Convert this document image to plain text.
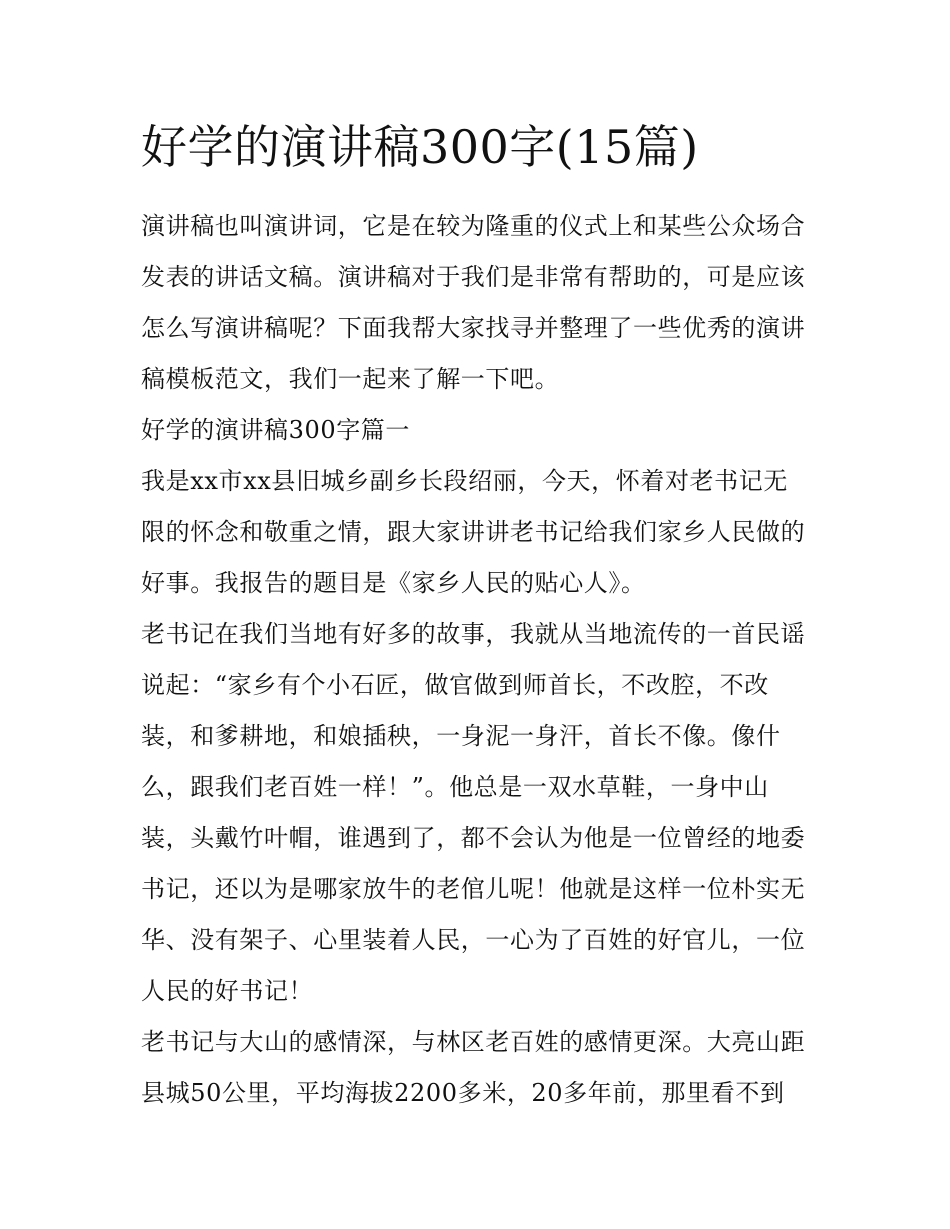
好学的演讲稿300字(15篇)
演讲稿也叫演讲词，它是在较为隆重的仪式上和某些公众场合
发表的讲话文稿。演讲稿对于我们是非常有帮助的，可是应该
怎么写演讲稿呢？下面我帮大家找寻并整理了一些优秀的演讲
稿模板范文，我们一起来了解一下吧。
好学的演讲稿300字篇一
我是xx市xx县旧城乡副乡长段绍丽，今天，怀着对老书记无
限的怀念和敬重之情，跟大家讲讲老书记给我们家乡人民做的
好事。我报告的题目是《家乡人民的贴心人》。
老书记在我们当地有好多的故事，我就从当地流传的一首民谣
说起：“家乡有个小石匠，做官做到师首长，不改腔，不改
装，和爹耕地，和娘插秧，一身泥一身汗，首长不像。像什
么，跟我们老百姓一样！”。他总是一双水草鞋，一身中山
装，头戴竹叶帽，谁遇到了，都不会认为他是一位曾经的地委
书记，还以为是哪家放牛的老倌儿呢！他就是这样一位朴实无
华、没有架子、心里装着人民，一心为了百姓的好官儿，一位
人民的好书记！
老书记与大山的感情深，与林区老百姓的感情更深。大亮山距
县城50公里，平均海拔2200多米，20多年前，那里看不到
